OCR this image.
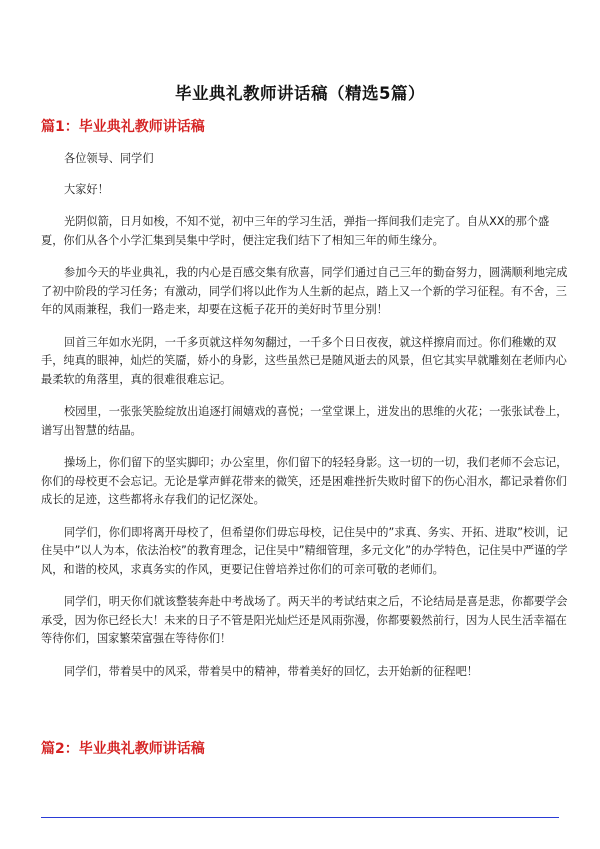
毕业典礼教师讲话稿（精选5篇）
篇1：毕业典礼教师讲话稿

各位领导、同学们

大家好！

光阴似箭，日月如梭，不知不觉，初中三年的学习生活，弹指一挥间我们走完了。自从XX的那个盛夏，你们从各个小学汇集到吴集中学时，便注定我们结下了相知三年的师生缘分。

参加今天的毕业典礼，我的内心是百感交集有欣喜，同学们通过自己三年的勤奋努力，圆满顺利地完成了初中阶段的学习任务；有激动，同学们将以此作为人生新的起点，踏上又一个新的学习征程。有不舍，三年的风雨兼程，我们一路走来，却要在这栀子花开的美好时节里分别！

回首三年如水光阴，一千多页就这样匆匆翻过，一千多个日日夜夜，就这样擦肩而过。你们稚嫩的双手，纯真的眼神，灿烂的笑靥，娇小的身影，这些虽然已是随风逝去的风景，但它其实早就雕刻在老师内心最柔软的角落里，真的很难很难忘记。

校园里，一张张笑脸绽放出追逐打闹嬉戏的喜悦；一堂堂课上，迸发出的思维的火花；一张张试卷上，谱写出智慧的结晶。

操场上，你们留下的坚实脚印；办公室里，你们留下的轻轻身影。这一切的一切，我们老师不会忘记，你们的母校更不会忘记。无论是掌声鲜花带来的微笑，还是困难挫折失败时留下的伤心泪水，都记录着你们成长的足迹，这些都将永存我们的记忆深处。

同学们，你们即将离开母校了，但希望你们毋忘母校，记住吴中的”求真、务实、开拓、进取”校训，记住吴中”以人为本，依法治校”的教育理念，记住吴中”精细管理，多元文化”的办学特色，记住吴中严谨的学风，和谐的校风，求真务实的作风，更要记住曾培养过你们的可亲可敬的老师们。

同学们，明天你们就该整装奔赴中考战场了。两天半的考试结束之后，不论结局是喜是悲，你都要学会承受，因为你已经长大！未来的日子不管是阳光灿烂还是风雨弥漫，你都要毅然前行，因为人民生活幸福在等待你们，国家繁荣富强在等待你们！

同学们，带着吴中的风采，带着吴中的精神，带着美好的回忆，去开始新的征程吧！

篇2：毕业典礼教师讲话稿
